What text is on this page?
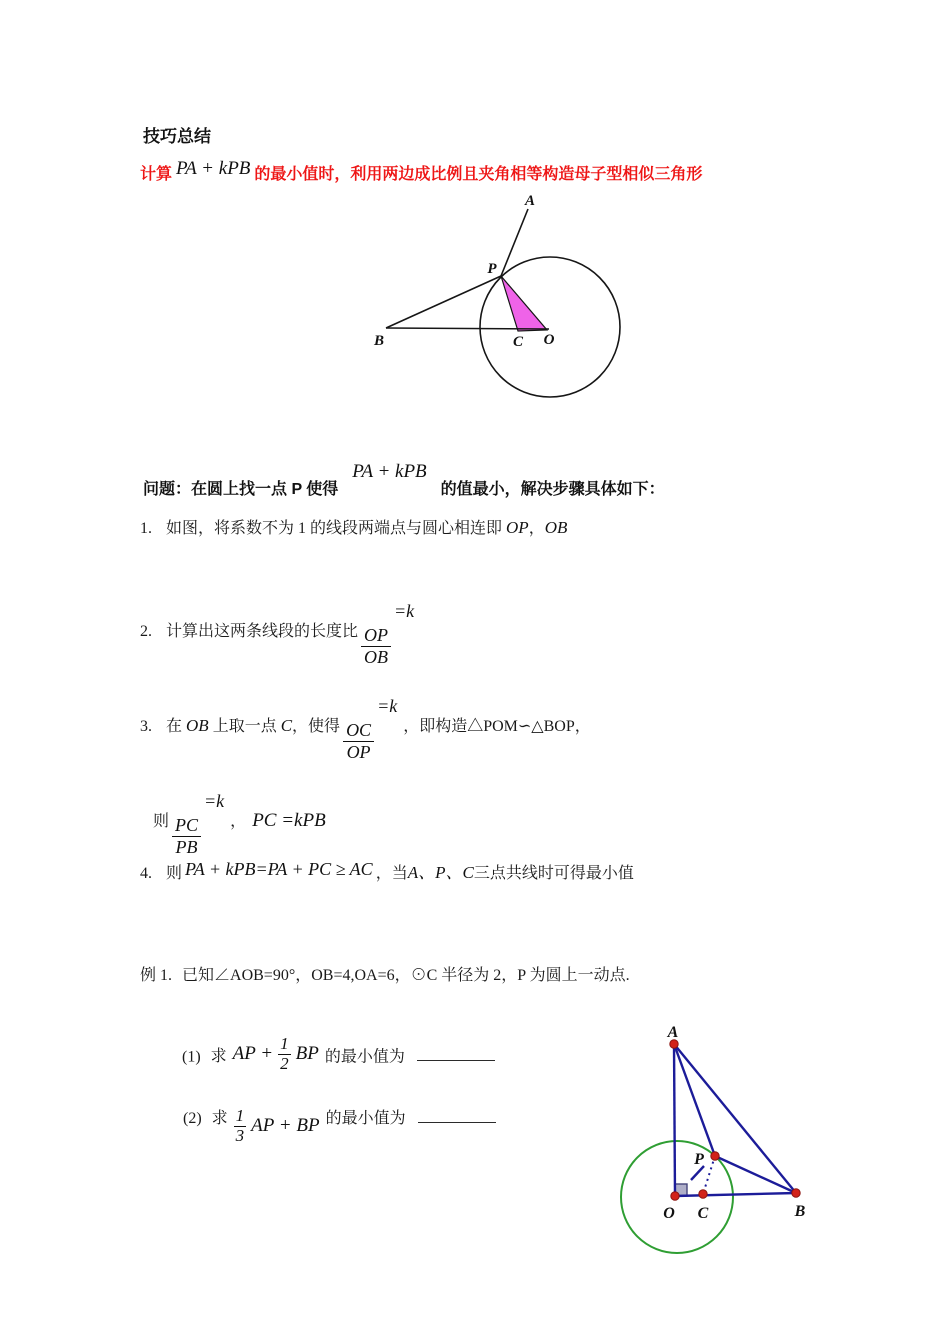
技巧总结
计算 PA + kPB 的最小值时，利用两边成比例且夹角相等构造母子型相似三角形
A
P
B	C O
问题：在圆上找一点 P 使得PA + kPB的值最小，解决步骤具体如下：
1. 如图，将系数不为 1 的线段两端点与圆心相连即 OP，OB
2. 计算出这两条线段的长度比 $\frac{OP}{OB}$
=k
3. 在 OB 上取一点 C，使得 $\frac{OC}{OP}$
=k，即构造△POM∽△BOP，
则 $\frac{PC}{PB}$
=k， PC =kPB
4. 则 PA + kPB=PA + PC ≥ AC ，当A、P、C三点共线时可得最小值
例 1. 已知∠AOB=90°，OB=4,OA=6，⊙C 半径为 2，P 为圆上一动点.
(1) 求 AP + $\frac{1}{2}$ BP 的最小值为
(2) 求 $\frac{1}{3}$ AP + BP 的最小值为
A
O C	B
P
